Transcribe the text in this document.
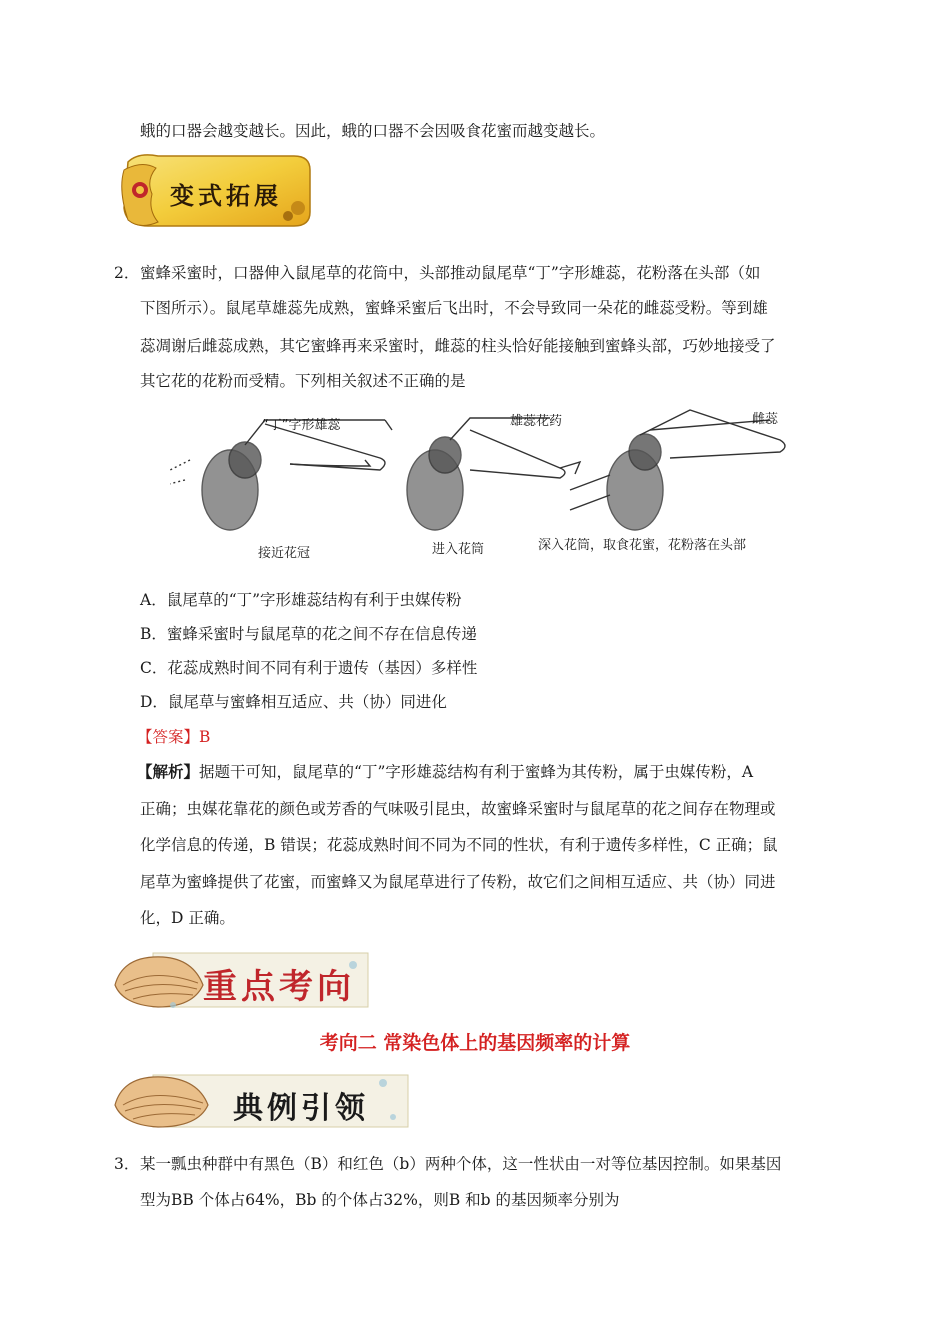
蛾的口器会越变越长。因此，蛾的口器不会因吸食花蜜而越变越长。
变式拓展
2． 蜜蜂采蜜时，口器伸入鼠尾草的花筒中，头部推动鼠尾草“丁”字形雄蕊，花粉落在头部（如
下图所示）。鼠尾草雄蕊先成熟，蜜蜂采蜜后飞出时，不会导致同一朵花的雌蕊受粉。等到雄
蕊凋谢后雌蕊成熟，其它蜜蜂再来采蜜时，雌蕊的柱头恰好能接触到蜜蜂头部，巧妙地接受了
其它花的花粉而受精。下列相关叙述不正确的是
“丁”字形雄蕊	雄蕊花药	雌蕊
接近花冠	进入花筒	深入花筒，取食花蜜，花粉落在头部
A．鼠尾草的“丁”字形雄蕊结构有利于虫媒传粉
B．蜜蜂采蜜时与鼠尾草的花之间不存在信息传递
C．花蕊成熟时间不同有利于遗传（基因）多样性
D．鼠尾草与蜜蜂相互适应、共（协）同进化
【答案】B
【解析】据题干可知，鼠尾草的“丁”字形雄蕊结构有利于蜜蜂为其传粉，属于虫媒传粉，A
正确；虫媒花靠花的颜色或芳香的气味吸引昆虫，故蜜蜂采蜜时与鼠尾草的花之间存在物理或
化学信息的传递，B 错误；花蕊成熟时间不同为不同的性状，有利于遗传多样性，C 正确；鼠
尾草为蜜蜂提供了花蜜，而蜜蜂又为鼠尾草进行了传粉，故它们之间相互适应、共（协）同进
化，D 正确。
重点考向
考向二 常染色体上的基因频率的计算
典例引领
3． 某一瓢虫种群中有黑色（B）和红色（b）两种个体，这一性状由一对等位基因控制。如果基因
型为BB 个体占64%，Bb 的个体占32%，则B 和b 的基因频率分别为
